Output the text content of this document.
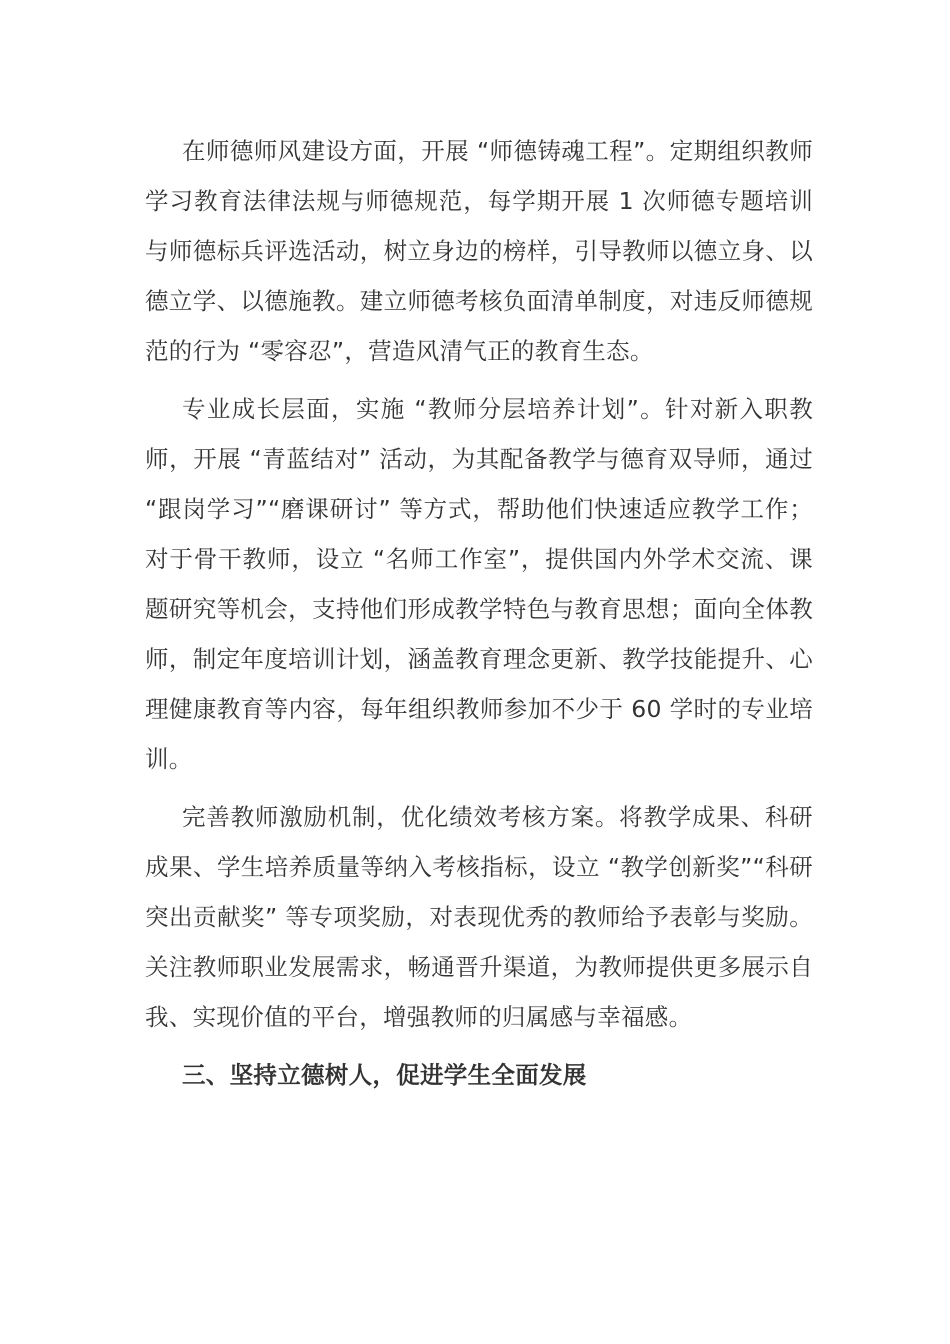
在师德师风建设方面，开展 “师德铸魂工程”。定期组织教师学习教育法律法规与师德规范，每学期开展 1 次师德专题培训与师德标兵评选活动，树立身边的榜样，引导教师以德立身、以德立学、以德施教。建立师德考核负面清单制度，对违反师德规范的行为 “零容忍”，营造风清气正的教育生态。

专业成长层面，实施 “教师分层培养计划”。针对新入职教师，开展 “青蓝结对” 活动，为其配备教学与德育双导师，通过 “跟岗学习”“磨课研讨” 等方式，帮助他们快速适应教学工作；对于骨干教师，设立 “名师工作室”，提供国内外学术交流、课题研究等机会，支持他们形成教学特色与教育思想；面向全体教师，制定年度培训计划，涵盖教育理念更新、教学技能提升、心理健康教育等内容，每年组织教师参加不少于 60 学时的专业培训。

完善教师激励机制，优化绩效考核方案。将教学成果、科研成果、学生培养质量等纳入考核指标，设立 “教学创新奖”“科研突出贡献奖” 等专项奖励，对表现优秀的教师给予表彰与奖励。关注教师职业发展需求，畅通晋升渠道，为教师提供更多展示自我、实现价值的平台，增强教师的归属感与幸福感。

三、坚持立德树人，促进学生全面发展
